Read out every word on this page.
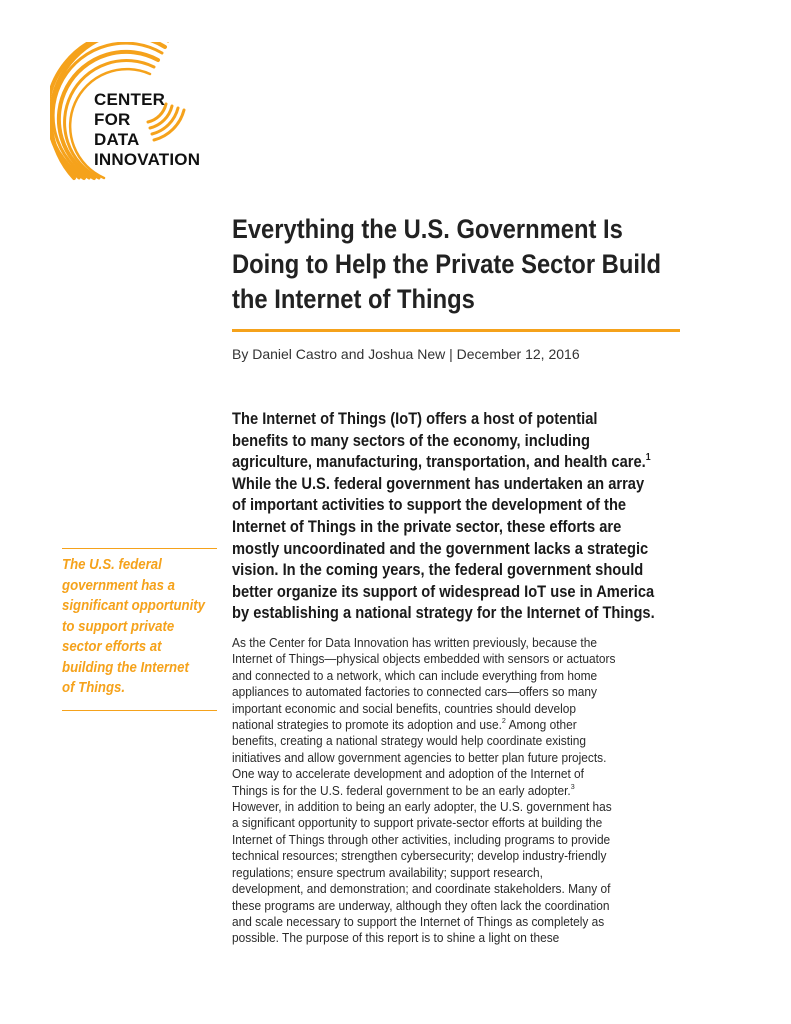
CENTER
FOR
DATA
INNOVATION
Everything the U.S. Government Is
Doing to Help the Private Sector Build
the Internet of Things
By Daniel Castro and Joshua New | December 12, 2016
The U.S. federal
government has a
significant opportunity
to support private
sector efforts at
building the Internet
of Things.
The Internet of Things (IoT) offers a host of potential
benefits to many sectors of the economy, including
agriculture, manufacturing, transportation, and health care.$^1$
While the U.S. federal government has undertaken an array
of important activities to support the development of the
Internet of Things in the private sector, these efforts are
mostly uncoordinated and the government lacks a strategic
vision. In the coming years, the federal government should
better organize its support of widespread IoT use in America
by establishing a national strategy for the Internet of Things.
As the Center for Data Innovation has written previously, because the
Internet of Things—physical objects embedded with sensors or actuators
and connected to a network, which can include everything from home
appliances to automated factories to connected cars—offers so many
important economic and social benefits, countries should develop
national strategies to promote its adoption and use.$^2$ Among other
benefits, creating a national strategy would help coordinate existing
initiatives and allow government agencies to better plan future projects.
One way to accelerate development and adoption of the Internet of
Things is for the U.S. federal government to be an early adopter.$^3$
However, in addition to being an early adopter, the U.S. government has
a significant opportunity to support private-sector efforts at building the
Internet of Things through other activities, including programs to provide
technical resources; strengthen cybersecurity; develop industry-friendly
regulations; ensure spectrum availability; support research,
development, and demonstration; and coordinate stakeholders. Many of
these programs are underway, although they often lack the coordination
and scale necessary to support the Internet of Things as completely as
possible. The purpose of this report is to shine a light on these
